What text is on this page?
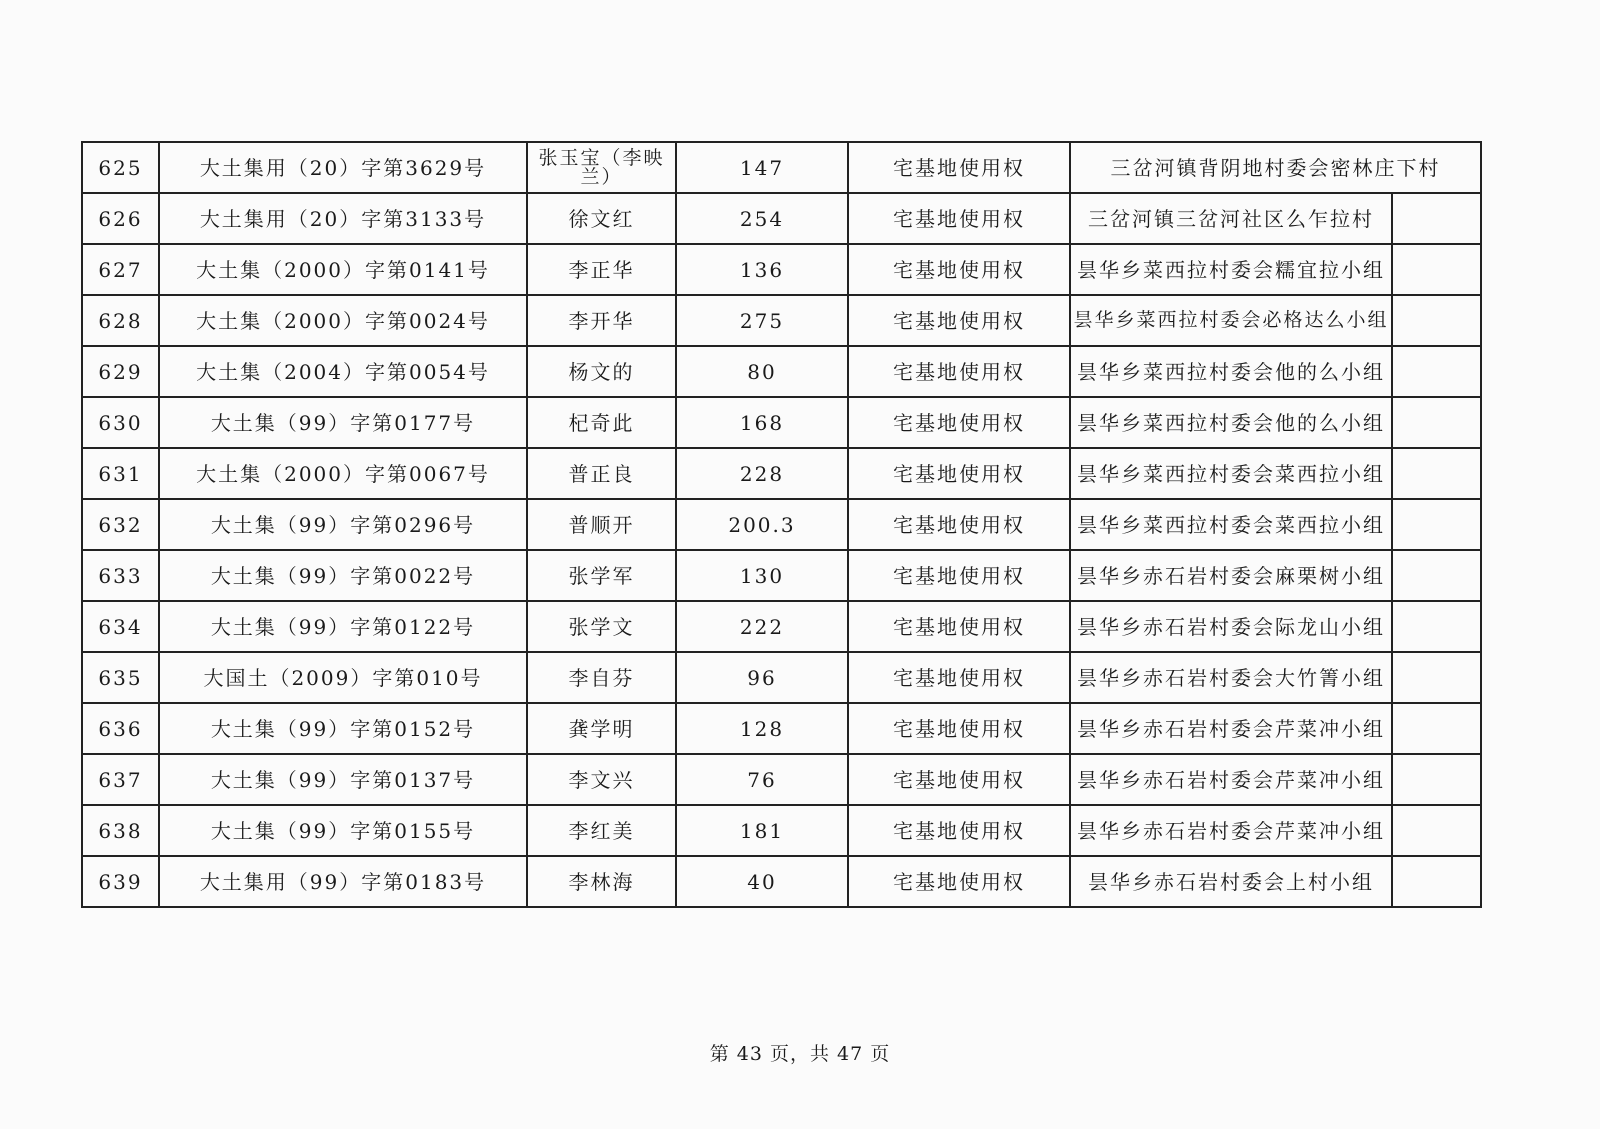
625	大土集用（20）字第3629号	张玉宝（李映兰）	147	宅基地使用权	三岔河镇背阴地村委会密林庄下村	
626	大土集用（20）字第3133号	徐文红	254	宅基地使用权	三岔河镇三岔河社区么乍拉村	
627	大土集（2000）字第0141号	李正华	136	宅基地使用权	昙华乡菜西拉村委会糯宜拉小组	
628	大土集（2000）字第0024号	李开华	275	宅基地使用权	昙华乡菜西拉村委会必格达么小组	
629	大土集（2004）字第0054号	杨文的	80	宅基地使用权	昙华乡菜西拉村委会他的么小组	
630	大土集（99）字第0177号	杞奇此	168	宅基地使用权	昙华乡菜西拉村委会他的么小组	
631	大土集（2000）字第0067号	普正良	228	宅基地使用权	昙华乡菜西拉村委会菜西拉小组	
632	大土集（99）字第0296号	普顺开	200.3	宅基地使用权	昙华乡菜西拉村委会菜西拉小组	
633	大土集（99）字第0022号	张学军	130	宅基地使用权	昙华乡赤石岩村委会麻栗树小组	
634	大土集（99）字第0122号	张学文	222	宅基地使用权	昙华乡赤石岩村委会际龙山小组	
635	大国土（2009）字第010号	李自芬	96	宅基地使用权	昙华乡赤石岩村委会大竹箐小组	
636	大土集（99）字第0152号	龚学明	128	宅基地使用权	昙华乡赤石岩村委会芹菜冲小组	
637	大土集（99）字第0137号	李文兴	76	宅基地使用权	昙华乡赤石岩村委会芹菜冲小组	
638	大土集（99）字第0155号	李红美	181	宅基地使用权	昙华乡赤石岩村委会芹菜冲小组	
639	大土集用（99）字第0183号	李林海	40	宅基地使用权	昙华乡赤石岩村委会上村小组	
第 43 页，共 47 页
